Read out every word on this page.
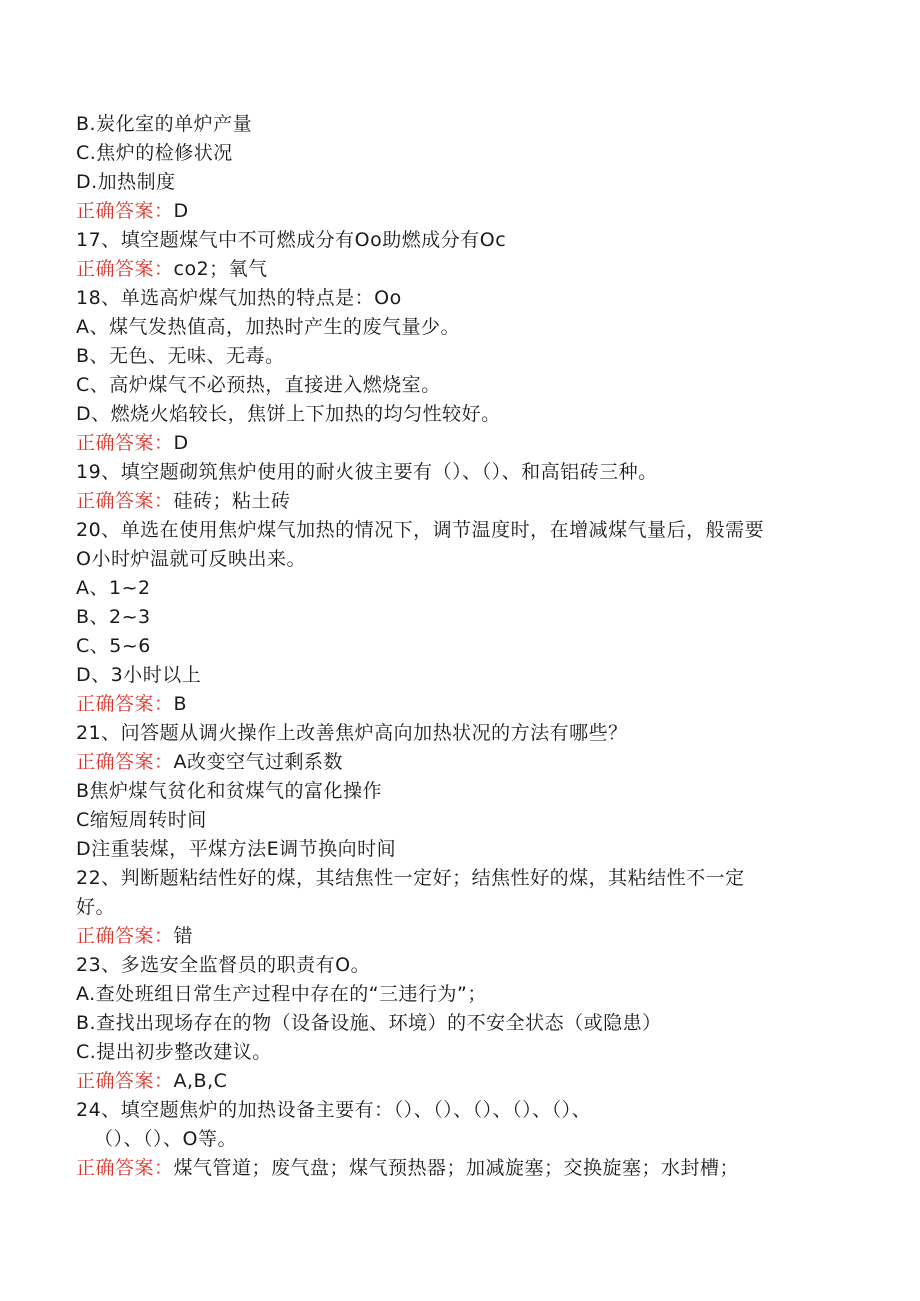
B.炭化室的单炉产量
C.焦炉的检修状况
D.加热制度
正确答案：D
17、填空题煤气中不可燃成分有Oo助燃成分有Oc
正确答案：co2；氧气
18、单选高炉煤气加热的特点是：Oo
A、煤气发热值高，加热时产生的废气量少。
B、无色、无味、无毒。
C、高炉煤气不必预热，直接进入燃烧室。
D、燃烧火焰较长，焦饼上下加热的均匀性较好。
正确答案：D
19、填空题砌筑焦炉使用的耐火彼主要有（）、（）、和高铝砖三种。
正确答案：硅砖；粘土砖
20、单选在使用焦炉煤气加热的情况下，调节温度时，在增减煤气量后，般需要
O小时炉温就可反映出来。
A、1~2
B、2~3
C、5~6
D、3小时以上
正确答案：B
21、问答题从调火操作上改善焦炉高向加热状况的方法有哪些？
正确答案：A改变空气过剩系数
B焦炉煤气贫化和贫煤气的富化操作
C缩短周转时间
D注重装煤，平煤方法E调节换向时间
22、判断题粘结性好的煤，其结焦性一定好；结焦性好的煤，其粘结性不一定
好。
正确答案：错
23、多选安全监督员的职责有O。
A.查处班组日常生产过程中存在的“三违行为”；
B.查找出现场存在的物（设备设施、环境）的不安全状态（或隐患）
C.提出初步整改建议。
正确答案：A,B,C
24、填空题焦炉的加热设备主要有：（）、（）、（）、（）、（）、
（）、（）、O等。
正确答案：煤气管道；废气盘；煤气预热器；加减旋塞；交换旋塞；水封槽；
